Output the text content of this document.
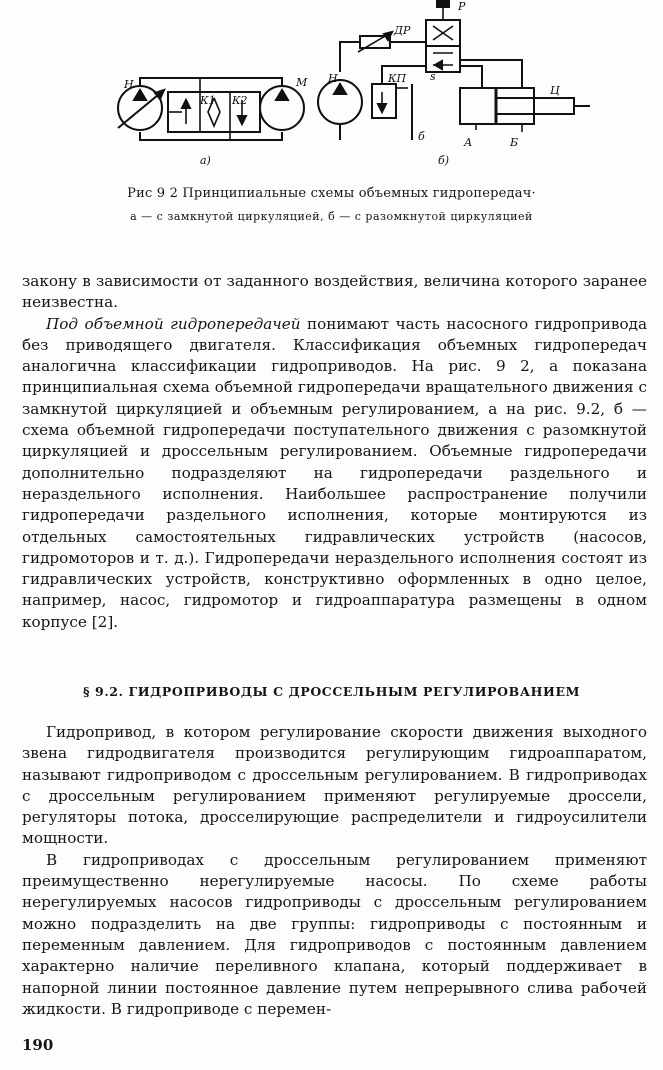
Н
К1 К2
М
а)
ДР
Р
s
Н	КП
Ц
А	Б
б
б)
Рис 9 2 Принципиальные схемы объемных гидропередач·
а — с замкнутой циркуляцией, б — с разомкнутой циркуляцией

закону в зависимости от заданного воздействия, величина которого заранее неизвестна.

Под объемной гидропередачей понимают часть насосного гидропривода без приводящего двигателя. Классификация объемных гидропередач аналогична классификации гидроприводов. На рис. 9 2, а показана принципиальная схема объемной гидропередачи вращательного движения с замкнутой циркуляцией и объемным регулированием, а на рис. 9.2, б — схема объемной гидропередачи поступательного движения с разомкнутой циркуляцией и дроссельным регулированием. Объемные гидропередачи дополнительно подразделяют на гидропередачи раздельного и нераздельного исполнения. Наибольшее распространение получили гидропередачи раздельного исполнения, которые монтируются из отдельных самостоятельных гидравлических устройств (насосов, гидромоторов и т. д.). Гидропередачи нераздельного исполнения состоят из гидравлических устройств, конструктивно оформленных в одно целое, например, насос, гидромотор и гидроаппаратура размещены в одном корпусе [2].

§ 9.2. ГИДРОПРИВОДЫ С ДРОССЕЛЬНЫМ РЕГУЛИРОВАНИЕМ

Гидропривод, в котором регулирование скорости движения выходного звена гидродвигателя производится регулирующим гидроаппаратом, называют гидроприводом с дроссельным регулированием. В гидроприводах с дроссельным регулированием применяют регулируемые дроссели, регуляторы потока, дросселирующие распределители и гидроусилители мощности.

В гидроприводах с дроссельным регулированием применяют преимущественно нерегулируемые насосы. По схеме работы нерегулируемых насосов гидроприводы с дроссельным регулированием можно подразделить на две группы: гидроприводы с постоянным и переменным давлением. Для гидроприводов с постоянным давлением характерно наличие переливного клапана, который поддерживает в напорной линии постоянное давление путем непрерывного слива рабочей жидкости. В гидроприводе с перемен-

190
